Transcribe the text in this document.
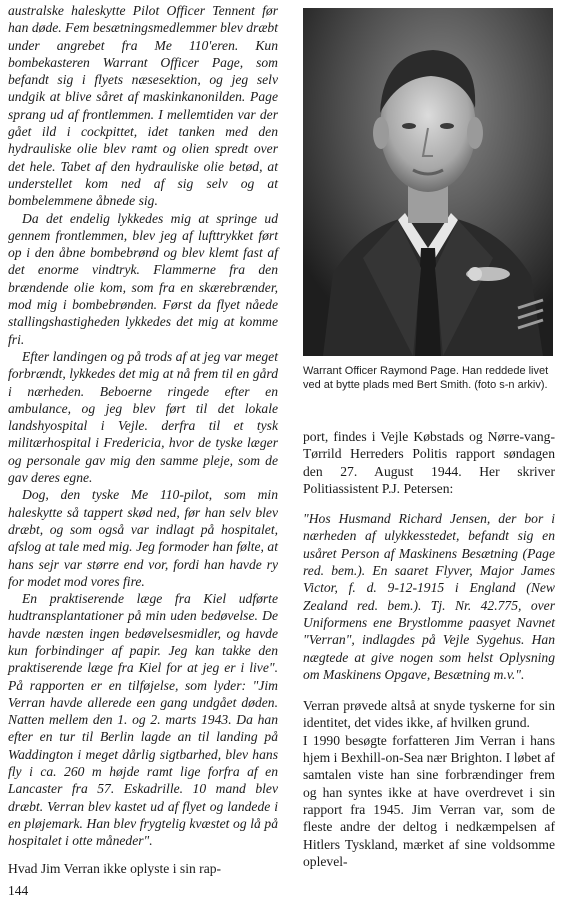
australske haleskytte Pilot Officer Tennent før han døde. Fem besætningsmedlemmer blev dræbt under angrebet fra Me 110'eren. Kun bombekasteren Warrant Officer Page, som befandt sig i flyets næsesektion, og jeg selv undgik at blive såret af maskinkanonilden. Page sprang ud af frontlemmen. I mellemtiden var der gået ild i cockpittet, idet tanken med den hydrauliske olie blev ramt og olien spredt over det hele. Tabet af den hydrauliske olie betød, at understellet kom ned af sig selv og at bombelemmene åbnede sig.

Da det endelig lykkedes mig at springe ud gennem frontlemmen, blev jeg af lufttrykket ført op i den åbne bombebrønd og blev klemt fast af det enorme vindtryk. Flammerne fra den brændende olie kom, som fra en skærebrænder, mod mig i bombebrønden. Først da flyet nåede stallingshastigheden lykkedes det mig at komme fri.

Efter landingen og på trods af at jeg var meget forbrændt, lykkedes det mig at nå frem til en gård i nærheden. Beboerne ringede efter en ambulance, og jeg blev ført til det lokale landshyospital i Vejle. derfra til et tysk militærhospital i Fredericia, hvor de tyske læger og personale gav mig den samme pleje, som de gav deres egne.

Dog, den tyske Me 110-pilot, som min haleskytte så tappert skød ned, før han selv blev dræbt, og som også var indlagt på hospitalet, afslog at tale med mig. Jeg formoder han følte, at hans sejr var større end vor, fordi han havde ry for modet mod vores fire.

En praktiserende læge fra Kiel udførte hudtransplantationer på min uden bedøvelse. De havde næsten ingen bedøvelsesmidler, og havde kun forbindinger af papir. Jeg kan takke den praktiserende læge fra Kiel for at jeg er i live". På rapporten er en tilføjelse, som lyder: "Jim Verran havde allerede een gang undgået døden. Natten mellem den 1. og 2. marts 1943. Da han efter en tur til Berlin lagde an til landing på Waddington i meget dårlig sigtbarhed, blev hans fly i ca. 260 m højde ramt lige forfra af en Lancaster fra 57. Eskadrille. 10 mand blev dræbt. Verran blev kastet ud af flyet og landede i en pløjemark. Han blev frygtelig kvæstet og lå på hospitalet i otte måneder".

Hvad Jim Verran ikke oplyste i sin rap-

Warrant Officer Raymond Page. Han reddede livet ved at bytte plads med Bert Smith. (foto s-n arkiv).

port, findes i Vejle Købstads og Nørre-vang-Tørrild Herreders Politis rapport søndagen den 27. August 1944. Her skriver Politiassistent P.J. Petersen:

"Hos Husmand Richard Jensen, der bor i nærheden af ulykkesstedet, befandt sig en usåret Person af Maskinens Besætning (Page red. bem.). En saaret Flyver, Major James Victor, f. d. 9-12-1915 i England (New Zealand red. bem.). Tj. Nr. 42.775, over Uniformens ene Brystlomme paasyet Navnet "Verran", indlagdes på Vejle Sygehus. Han nægtede at give nogen som helst Oplysning om Maskinens Opgave, Besætning m.v.".

Verran prøvede altså at snyde tyskerne for sin identitet, det vides ikke, af hvilken grund.

I 1990 besøgte forfatteren Jim Verran i hans hjem i Bexhill-on-Sea nær Brighton. I løbet af samtalen viste han sine forbrændinger frem og han syntes ikke at have overdrevet i sin rapport fra 1945. Jim Verran var, som de fleste andre der deltog i nedkæmpelsen af Hitlers Tyskland, mærket af sine voldsomme oplevel-

144
